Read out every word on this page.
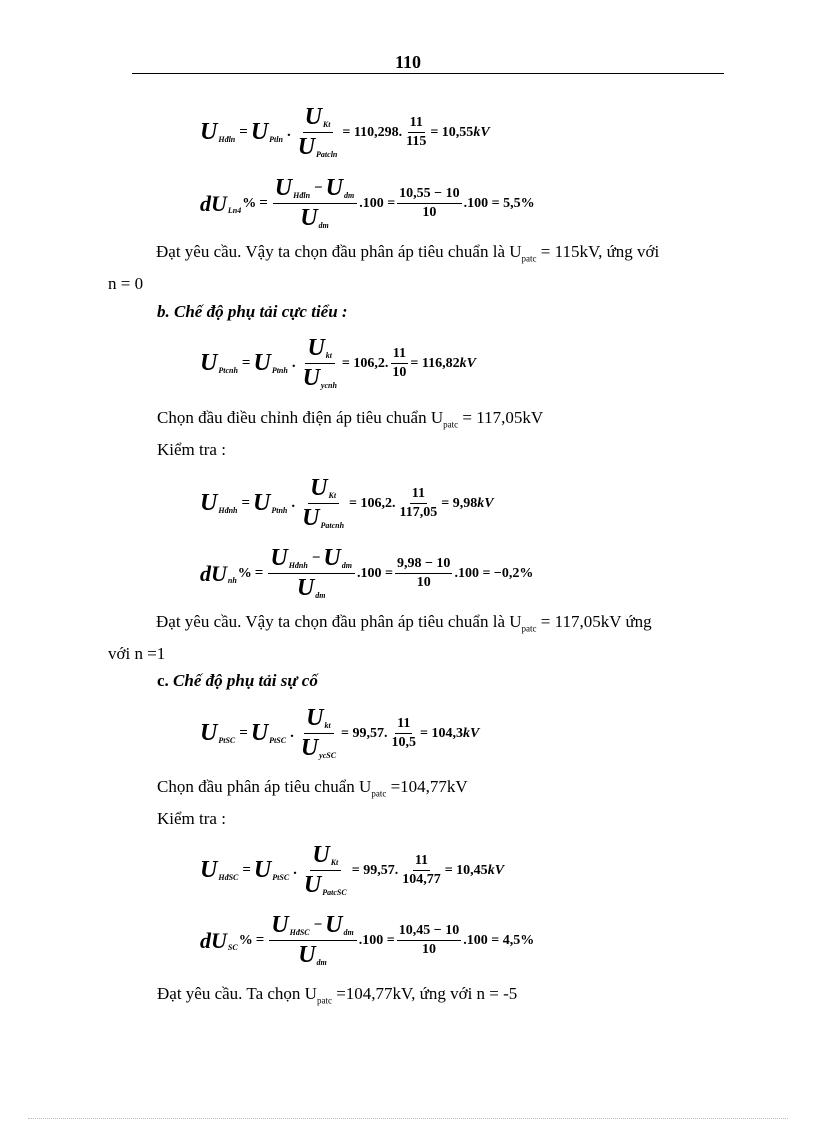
110
U Hđln = U Ptln . $\frac{\text{U Kt}}{\text{U Patcln}} = 110,298$. $\frac{11}{115} = 10,55$ kV
dU Ln4 % = $\frac{\text{U Hđln − U dm}}{\text{U dm}} .100 = \frac{10,55 - 10}{10} .100 = 5,5\%$
Đạt yêu cầu. Vậy ta chọn đầu phân áp tiêu chuẩn là $U_{patc} = 115kV$, ứng với
n = 0
b. Chế độ phụ tải cực tiểu :
U Ptcnh = U Ptnh . $\frac{\text{U kt}}{\text{U ycnh}} = 106,2$. $\frac{11}{10} = 116,82$ kV
Chọn đầu điều chỉnh điện áp tiêu chuẩn $U_{patc} = 117,05kV$
Kiểm tra :
U Hđnh = U Ptnh . $\frac{\text{U Kt}}{\text{U Patcnh}} = 106,2$. $\frac{11}{117,05} = 9,98$ kV
dU nh % = $\frac{\text{U Hđnh − U dm}}{\text{U dm}} .100 = \frac{9,98 - 10}{10} .100 = -0,2\%$
Đạt yêu cầu. Vậy ta chọn đầu phân áp tiêu chuẩn là $U_{patc} = 117,05kV$ ứng
với n =1
c. Chế độ phụ tải sự cố
U PtSC = U PtSC . $\frac{\text{U kt}}{\text{U ycSC}} = 99,57$. $\frac{11}{10,5} = 104,3$ kV
Chọn đầu phân áp tiêu chuẩn $U_{patc} =104,77kV$
Kiểm tra :
U HđSC = U PtSC . $\frac{\text{U Kt}}{\text{U PatcSC}} = 99,57$. $\frac{11}{104,77} = 10,45$ kV
dU SC % = $\frac{\text{U HđSC − U dm}}{\text{U dm}} .100 = \frac{10,45 - 10}{10} .100 = 4,5\%$
Đạt yêu cầu. Ta chọn $U_{patc} =104,77kV$, ứng với n = -5
